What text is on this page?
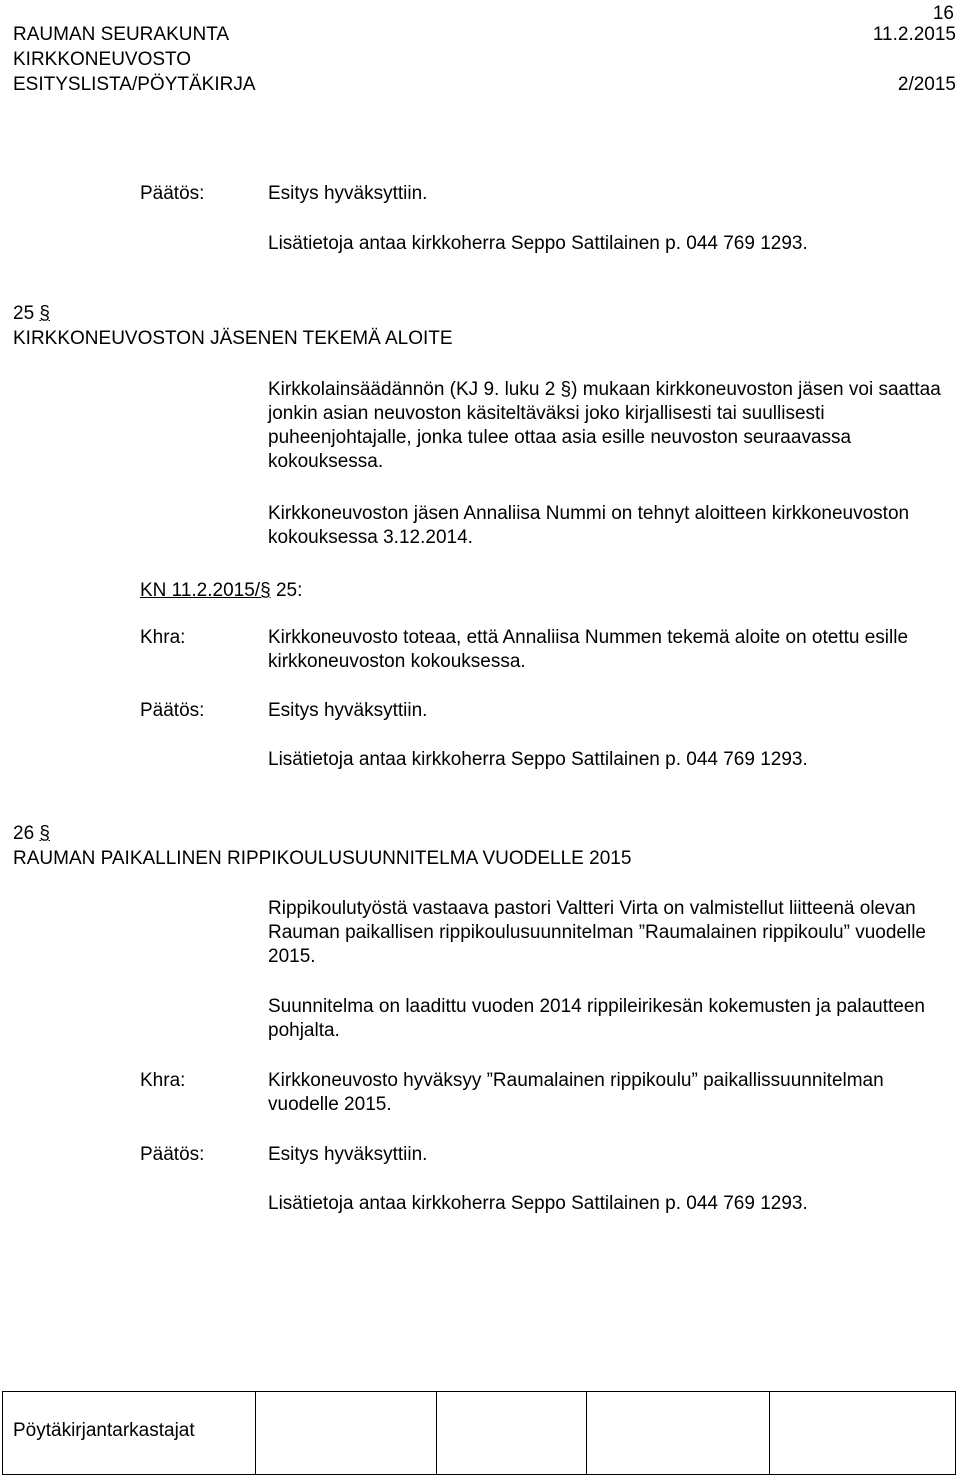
16
RAUMAN SEURAKUNTA	11.2.2015
KIRKKONEUVOSTO
ESITYSLISTA/PÖYTÄKIRJA	2/2015
Päätös:	Esitys hyväksyttiin.
Lisätietoja antaa kirkkoherra Seppo Sattilainen p. 044 769 1293.
25 §
KIRKKONEUVOSTON JÄSENEN TEKEMÄ ALOITE
Kirkkolainsäädännön (KJ 9. luku 2 §) mukaan kirkkoneuvoston jäsen voi saattaa jonkin asian neuvoston käsiteltäväksi joko kirjallisesti tai suullisesti puheenjohtajalle, jonka tulee ottaa asia esille neuvoston seuraavassa kokouksessa.
Kirkkoneuvoston jäsen Annaliisa Nummi on tehnyt aloitteen kirkkoneuvoston kokouksessa 3.12.2014.
KN 11.2.2015/§ 25:
Khra:	Kirkkoneuvosto toteaa, että Annaliisa Nummen tekemä aloite on otettu esille kirkkoneuvoston kokouksessa.
Päätös:	Esitys hyväksyttiin.
Lisätietoja antaa kirkkoherra Seppo Sattilainen p. 044 769 1293.
26 §
RAUMAN PAIKALLINEN RIPPIKOULUSUUNNITELMA VUODELLE 2015
Rippikoulutyöstä vastaava pastori Valtteri Virta on valmistellut liitteenä olevan Rauman paikallisen rippikoulusuunnitelman ”Raumalainen rippikoulu” vuodelle 2015.
Suunnitelma on laadittu vuoden 2014 rippileirikesän kokemusten ja palautteen pohjalta.
Khra:	Kirkkoneuvosto hyväksyy ”Raumalainen rippikoulu” paikallissuunnitelman vuodelle 2015.
Päätös:	Esitys hyväksyttiin.
Lisätietoja antaa kirkkoherra Seppo Sattilainen p. 044 769 1293.
Pöytäkirjantarkastajat
